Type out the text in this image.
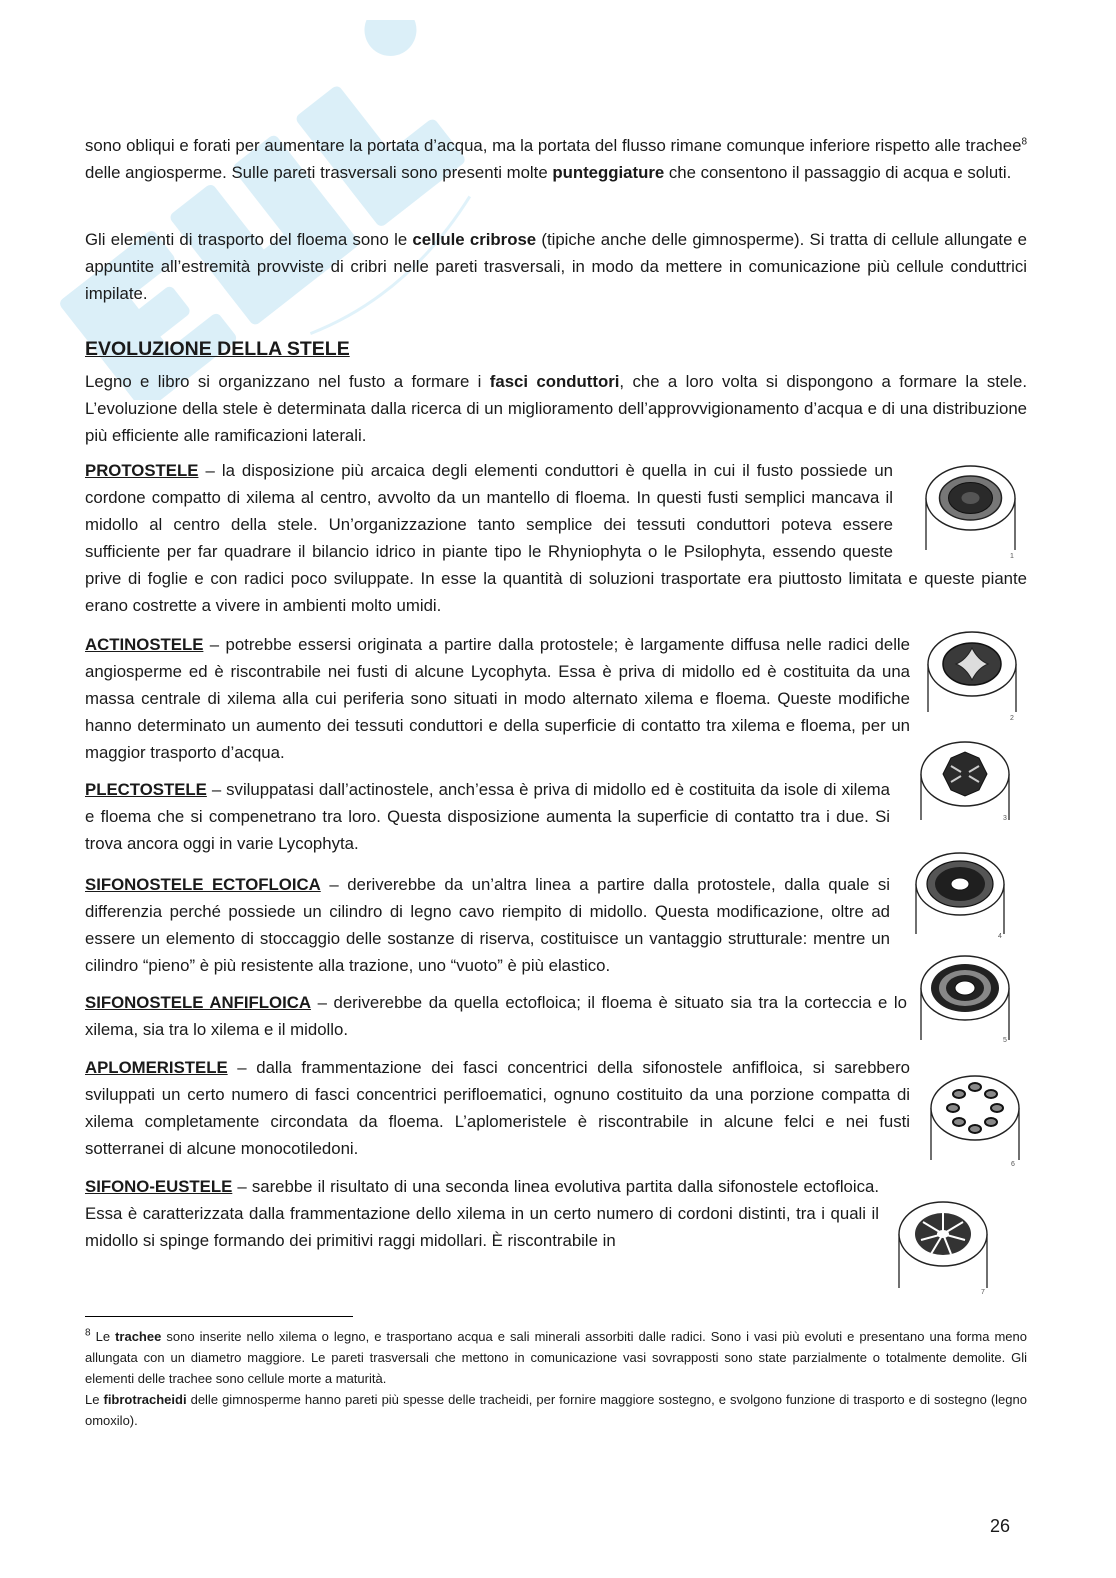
sono obliqui e forati per aumentare la portata d’acqua, ma la portata del flusso rimane comunque inferiore rispetto alle trachee$^8$ delle angiosperme. Sulle pareti trasversali sono presenti molte punteggiature che consentono il passaggio di acqua e soluti.
Gli elementi di trasporto del floema sono le cellule cribrose (tipiche anche delle gimnosperme). Si tratta di cellule allungate e appuntite all’estremità provviste di cribri nelle pareti trasversali, in modo da mettere in comunicazione più cellule conduttrici impilate.
EVOLUZIONE DELLA STELE
Legno e libro si organizzano nel fusto a formare i fasci conduttori, che a loro volta si dispongono a formare la stele. L’evoluzione della stele è determinata dalla ricerca di un miglioramento dell’approvvigionamento d’acqua e di una distribuzione più efficiente alle ramificazioni laterali.
PROTOSTELE – la disposizione più arcaica degli elementi conduttori è quella in cui il fusto possiede un cordone compatto di xilema al centro, avvolto da un mantello di floema. In questi fusti semplici mancava il midollo al centro della stele. Un’organizzazione tanto semplice dei tessuti conduttori poteva essere sufficiente per far quadrare il bilancio idrico in piante tipo le Rhyniophyta o le Psilophyta, essendo queste prive di foglie e con radici poco sviluppate. In esse la quantità di soluzioni trasportate era piuttosto limitata e queste piante erano costrette a vivere in ambienti molto umidi.
ACTINOSTELE – potrebbe essersi originata a partire dalla protostele; è largamente diffusa nelle radici delle angiosperme ed è riscontrabile nei fusti di alcune Lycophyta. Essa è priva di midollo ed è costituita da una massa centrale di xilema alla cui periferia sono situati in modo alternato xilema e floema. Queste modifiche hanno determinato un aumento dei tessuti conduttori e della superficie di contatto tra xilema e floema, per un maggior trasporto d’acqua.
PLECTOSTELE – sviluppatasi dall’actinostele, anch’essa è priva di midollo ed è costituita da isole di xilema e floema che si compenetrano tra loro. Questa disposizione aumenta la superficie di contatto tra i due. Si trova ancora oggi in varie Lycophyta.
SIFONOSTELE ECTOFLOICA – deriverebbe da un’altra linea a partire dalla protostele, dalla quale si differenzia perché possiede un cilindro di legno cavo riempito di midollo. Questa modificazione, oltre ad essere un elemento di stoccaggio delle sostanze di riserva, costituisce un vantaggio strutturale: mentre un cilindro “pieno” è più resistente alla trazione, uno “vuoto” è più elastico.
SIFONOSTELE ANFIFLOICA – deriverebbe da quella ectofloica; il floema è situato sia tra la corteccia e lo xilema, sia tra lo xilema e il midollo.
APLOMERISTELE – dalla frammentazione dei fasci concentrici della sifonostele anfifloica, si sarebbero sviluppati un certo numero di fasci concentrici perifloematici, ognuno costituito da una porzione compatta di xilema completamente circondata da floema. L’aplomeristele è riscontrabile in alcune felci e nei fusti sotterranei di alcune monocotiledoni.
SIFONO-EUSTELE – sarebbe il risultato di una seconda linea evolutiva partita dalla sifonostele ectofloica. Essa è caratterizzata dalla frammentazione dello xilema in un certo numero di cordoni distinti, tra i quali il midollo si spinge formando dei primitivi raggi midollari. È riscontrabile in
1
2
3
4
5
6
7
$^8$ Le trachee sono inserite nello xilema o legno, e trasportano acqua e sali minerali assorbiti dalle radici. Sono i vasi più evoluti e presentano una forma meno allungata con un diametro maggiore. Le pareti trasversali che mettono in comunicazione vasi sovrapposti sono state parzialmente o totalmente demolite. Gli elementi delle trachee sono cellule morte a maturità.
Le fibrotracheidi delle gimnosperme hanno pareti più spesse delle tracheidi, per fornire maggiore sostegno, e svolgono funzione di trasporto e di sostegno (legno omoxilo).
26
